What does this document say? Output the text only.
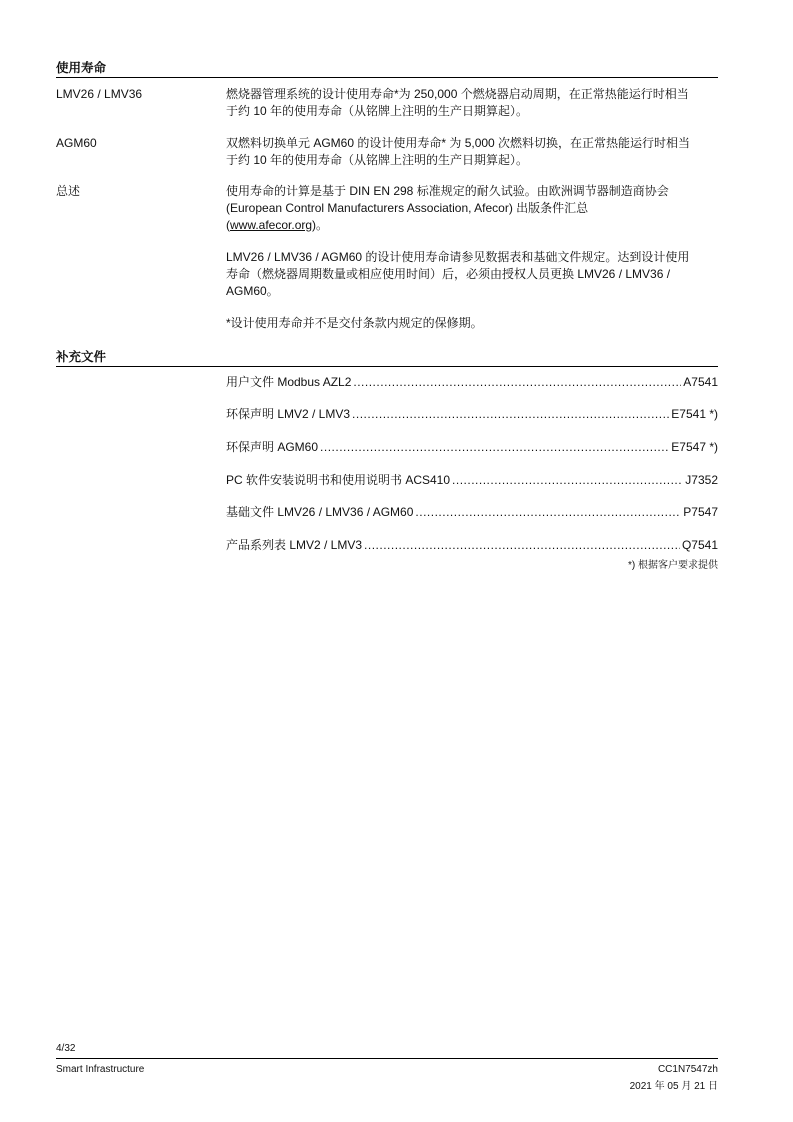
使用寿命
LMV26 / LMV36	燃烧器管理系统的设计使用寿命*为 250,000 个燃烧器启动周期，在正常热能运行时相当
于约 10 年的使用寿命（从铭牌上注明的生产日期算起）。
AGM60	双燃料切换单元 AGM60 的设计使用寿命* 为 5,000 次燃料切换，在正常热能运行时相当
于约 10 年的使用寿命（从铭牌上注明的生产日期算起）。
总述	使用寿命的计算是基于 DIN EN 298 标准规定的耐久试验。由欧洲调节器制造商协会
(European Control Manufacturers Association, Afecor) 出版条件汇总
(www.afecor.org)。
LMV26 / LMV36 / AGM60 的设计使用寿命请参见数据表和基础文件规定。达到设计使用
寿命（燃烧器周期数量或相应使用时间）后，必须由授权人员更换 LMV26 / LMV36 /
AGM60。
*设计使用寿命并不是交付条款内规定的保修期。
补充文件
用户文件 Modbus AZL2 .....	A7541
环保声明 LMV2 / LMV3 .....	E7541 *)
环保声明 AGM60 .....	E7547 *)
PC 软件安装说明书和使用说明书 ACS410 .....	J7352
基础文件 LMV26 / LMV36 / AGM60 .....	P7547
产品系列表 LMV2 / LMV3 .....	Q7541
*) 根据客户要求提供
4/32
Smart Infrastructure	CC1N7547zh
2021 年 05 月 21 日
